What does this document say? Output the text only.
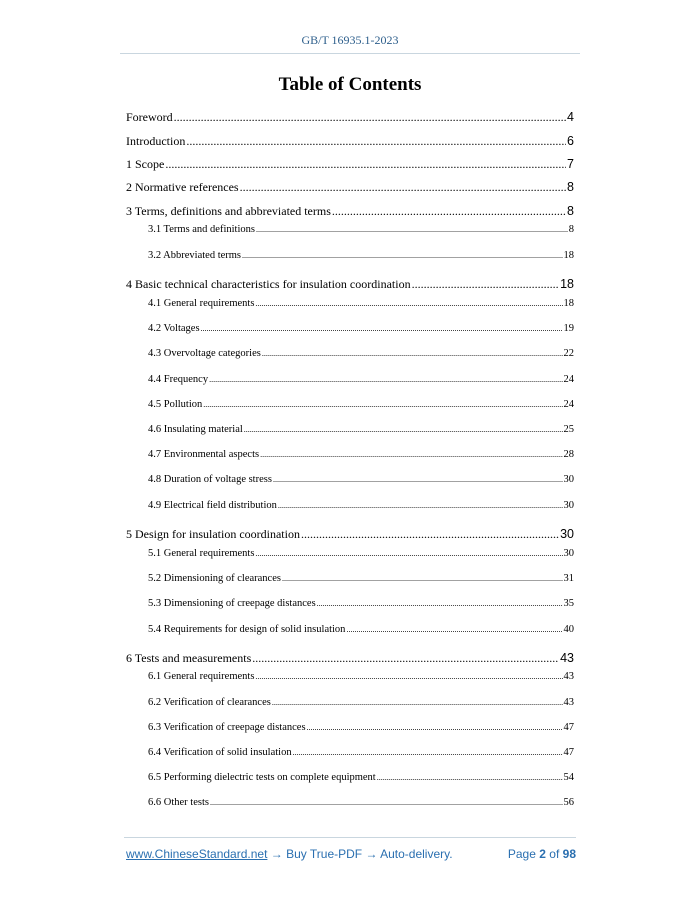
GB/T 16935.1-2023
Table of Contents
Foreword .....	4
Introduction .....	6
1 Scope .....	7
2 Normative references .....	8
3 Terms, definitions and abbreviated terms .....	8
3.1 Terms and definitions .....	8
3.2 Abbreviated terms .....	18
4 Basic technical characteristics for insulation coordination .....	18
4.1 General requirements .....	18
4.2 Voltages .....	19
4.3 Overvoltage categories .....	22
4.4 Frequency .....	24
4.5 Pollution .....	24
4.6 Insulating material .....	25
4.7 Environmental aspects .....	28
4.8 Duration of voltage stress .....	30
4.9 Electrical field distribution .....	30
5 Design for insulation coordination .....	30
5.1 General requirements .....	30
5.2 Dimensioning of clearances .....	31
5.3 Dimensioning of creepage distances .....	35
5.4 Requirements for design of solid insulation .....	40
6 Tests and measurements .....	43
6.1 General requirements .....	43
6.2 Verification of clearances .....	43
6.3 Verification of creepage distances .....	47
6.4 Verification of solid insulation .....	47
6.5 Performing dielectric tests on complete equipment .....	54
6.6 Other tests .....	56
www.ChineseStandard.net → Buy True-PDF → Auto-delivery.	Page 2 of 98
